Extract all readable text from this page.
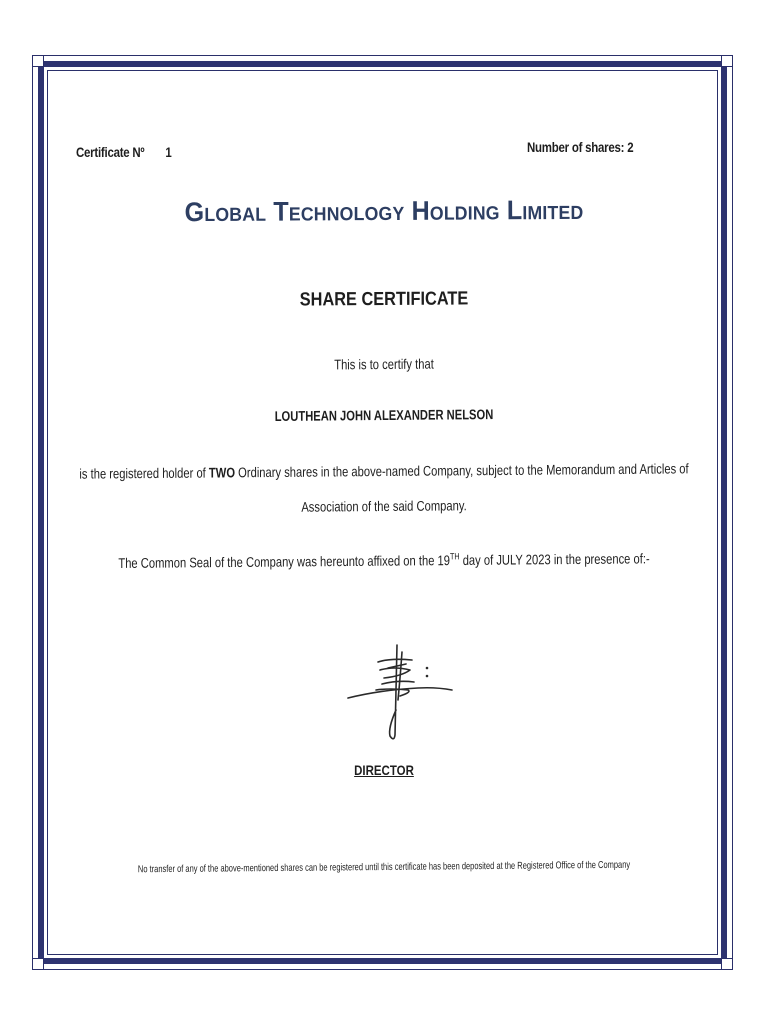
Certificate Nº 1	Number of shares: 2
Global Technology Holding Limited
SHARE CERTIFICATE
This is to certify that
LOUTHEAN JOHN ALEXANDER NELSON
is the registered holder of TWO Ordinary shares in the above-named Company, subject to the Memorandum and Articles of
Association of the said Company.
The Common Seal of the Company was hereunto affixed on the 19TH day of JULY 2023 in the presence of:-
DIRECTOR
No transfer of any of the above-mentioned shares can be registered until this certificate has been deposited at the Registered Office of the Company
